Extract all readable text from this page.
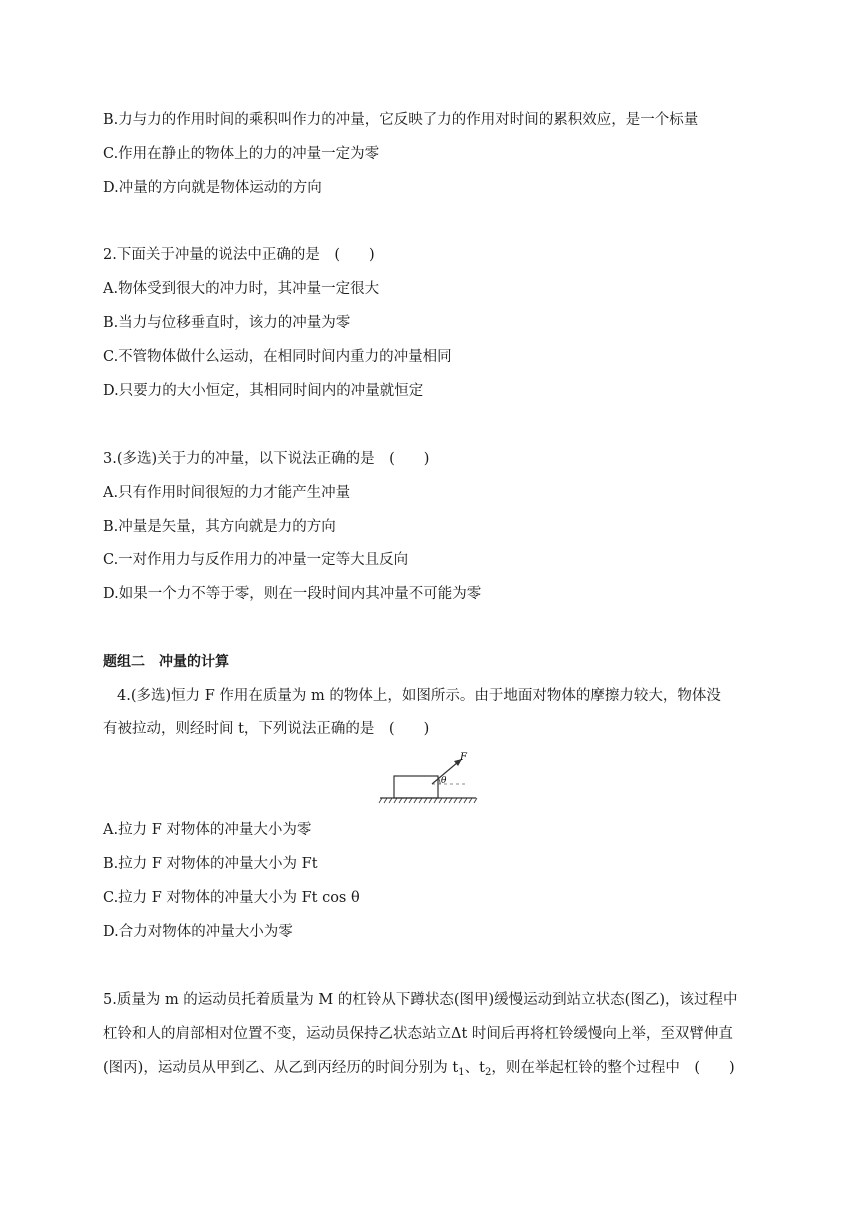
B.力与力的作用时间的乘积叫作力的冲量，它反映了力的作用对时间的累积效应，是一个标量
C.作用在静止的物体上的力的冲量一定为零
D.冲量的方向就是物体运动的方向
2.下面关于冲量的说法中正确的是　(　　)
A.物体受到很大的冲力时，其冲量一定很大
B.当力与位移垂直时，该力的冲量为零
C.不管物体做什么运动，在相同时间内重力的冲量相同
D.只要力的大小恒定，其相同时间内的冲量就恒定
3.(多选)关于力的冲量，以下说法正确的是　(　　)
A.只有作用时间很短的力才能产生冲量
B.冲量是矢量，其方向就是力的方向
C.一对作用力与反作用力的冲量一定等大且反向
D.如果一个力不等于零，则在一段时间内其冲量不可能为零
题组二　冲量的计算
4.(多选)恒力 F 作用在质量为 m 的物体上，如图所示。由于地面对物体的摩擦力较大，物体没
有被拉动，则经时间 t，下列说法正确的是　(　　)
F
θ
A.拉力 F 对物体的冲量大小为零
B.拉力 F 对物体的冲量大小为 Ft
C.拉力 F 对物体的冲量大小为 Ft cos θ
D.合力对物体的冲量大小为零
5.质量为 m 的运动员托着质量为 M 的杠铃从下蹲状态(图甲)缓慢运动到站立状态(图乙)，该过程中
杠铃和人的肩部相对位置不变，运动员保持乙状态站立Δt 时间后再将杠铃缓慢向上举，至双臂伸直
(图丙)，运动员从甲到乙、从乙到丙经历的时间分别为 $t_1$、$t_2$，则在举起杠铃的整个过程中　(　　)
